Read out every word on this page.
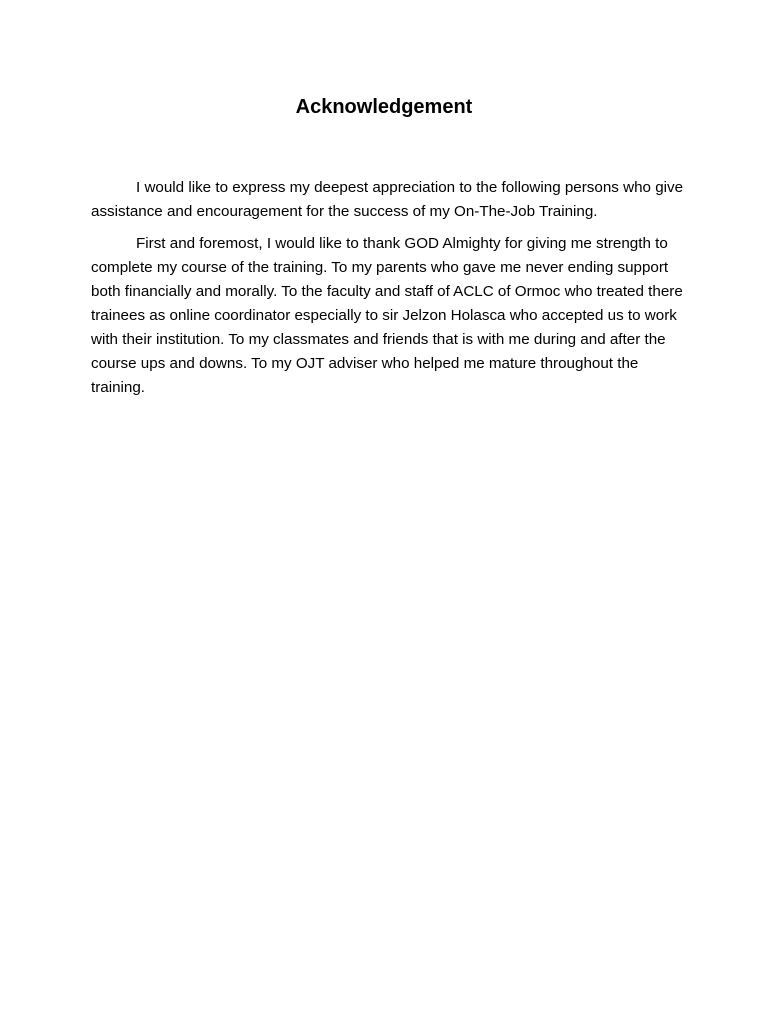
Acknowledgement

I would like to express my deepest appreciation to the following persons who give assistance and encouragement for the success of my On-The-Job Training.

First and foremost, I would like to thank GOD Almighty for giving me strength to complete my course of the training. To my parents who gave me never ending support both financially and morally. To the faculty and staff of ACLC of Ormoc who treated there trainees as online coordinator especially to sir Jelzon Holasca who accepted us to work with their institution. To my classmates and friends that is with me during and after the course ups and downs. To my OJT adviser who helped me mature throughout the training.
